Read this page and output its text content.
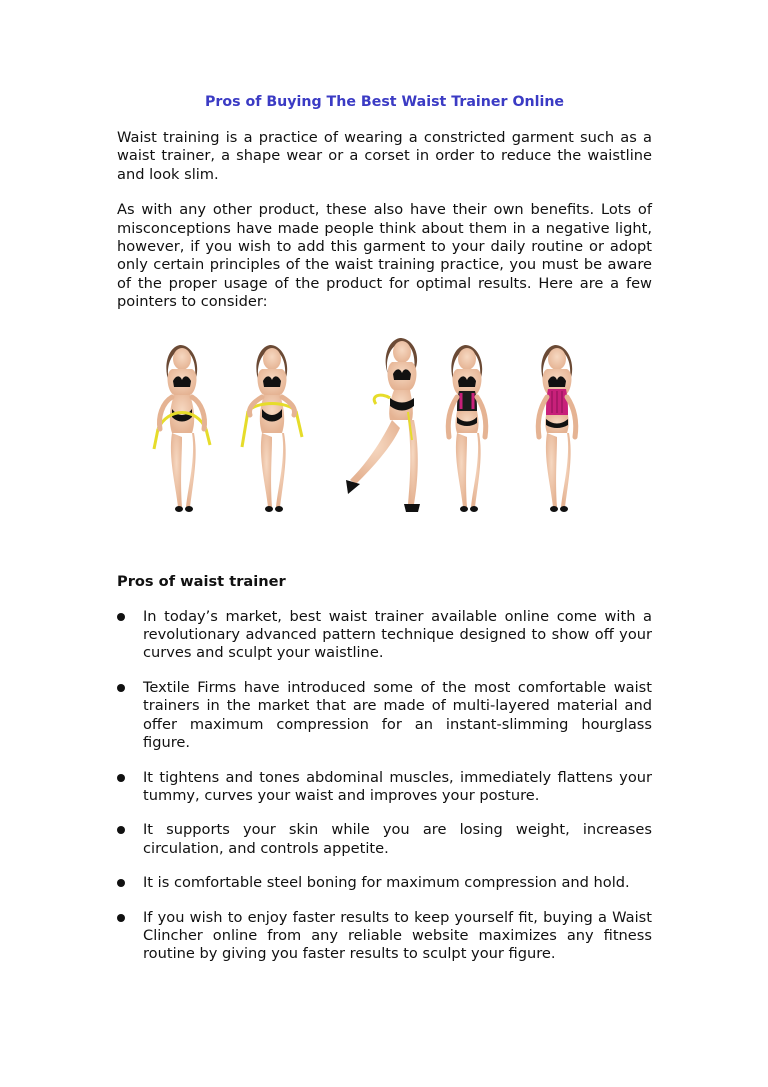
Pros of Buying The Best Waist Trainer Online

Waist training is a practice of wearing a constricted garment such as a waist trainer, a shape wear or a corset in order to reduce the waistline and look slim.

As with any other product, these also have their own benefits. Lots of misconceptions have made people think about them in a negative light, however, if you wish to add this garment to your daily routine or adopt only certain principles of the waist training practice, you must be aware of the proper usage of the product for optimal results. Here are a few pointers to consider:

Pros of waist trainer
In today’s market, best waist trainer available online come with a revolutionary advanced pattern technique designed to show off your curves and sculpt your waistline.
Textile Firms have introduced some of the most comfortable waist trainers in the market that are made of multi-layered material and offer maximum compression for an instant-slimming hourglass figure.
It tightens and tones abdominal muscles, immediately flattens your tummy, curves your waist and improves your posture.
It supports your skin while you are losing weight, increases circulation, and controls appetite.
It is comfortable steel boning for maximum compression and hold.
If you wish to enjoy faster results to keep yourself fit, buying a Waist Clincher online from any reliable website maximizes any fitness routine by giving you faster results to sculpt your figure.
